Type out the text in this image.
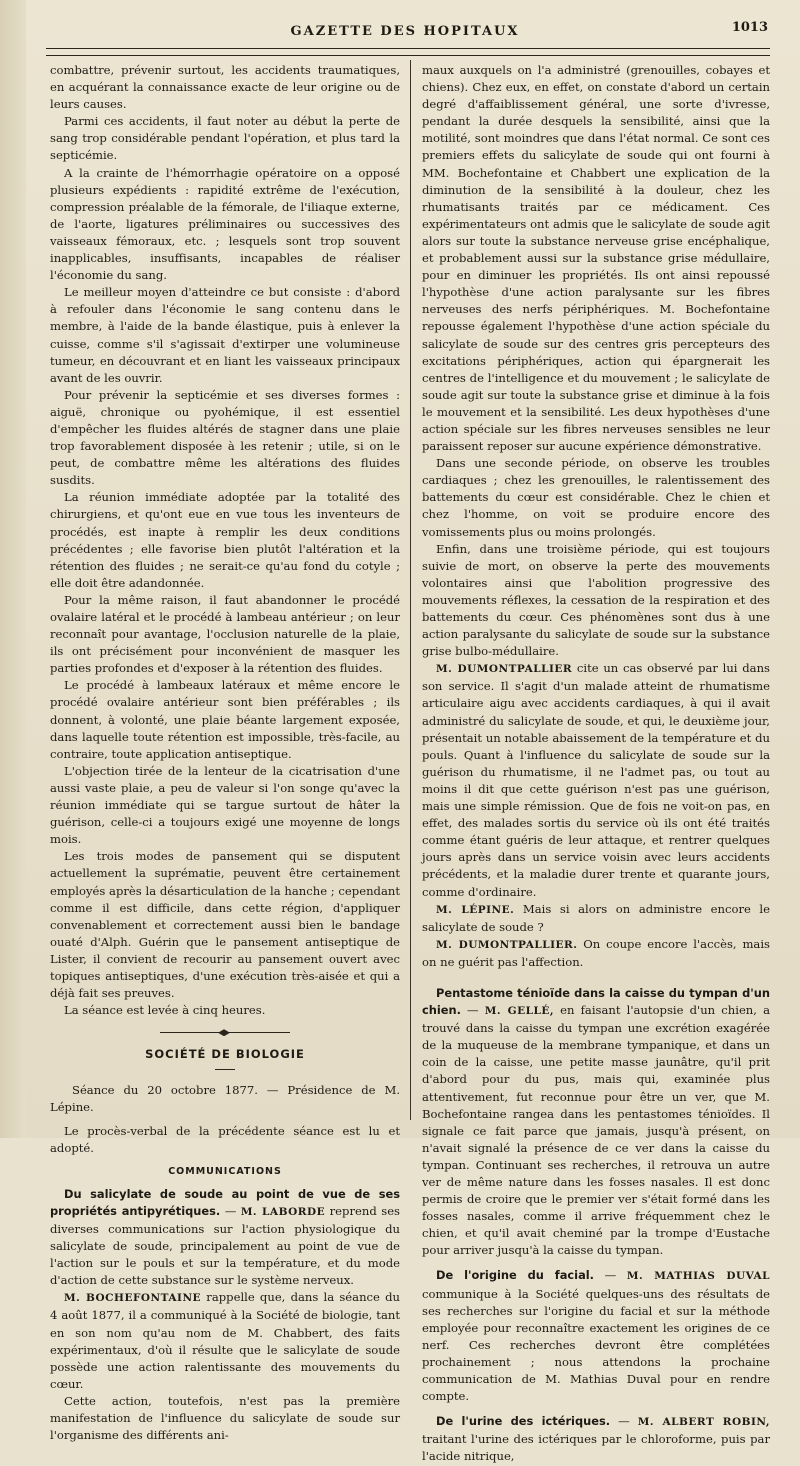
GAZETTE DES HOPITAUX	1013

combattre, prévenir surtout, les accidents traumatiques, en acquérant la connaissance exacte de leur origine ou de leurs causes.

Parmi ces accidents, il faut noter au début la perte de sang trop considérable pendant l'opération, et plus tard la septicémie.

A la crainte de l'hémorrhagie opératoire on a opposé plusieurs expédients : rapidité extrême de l'exécution, compression préalable de la fémorale, de l'iliaque externe, de l'aorte, ligatures préliminaires ou successives des vaisseaux fémoraux, etc. ; lesquels sont trop souvent inapplicables, insuffisants, incapables de réaliser l'économie du sang.

Le meilleur moyen d'atteindre ce but consiste : d'abord à refouler dans l'économie le sang contenu dans le membre, à l'aide de la bande élastique, puis à enlever la cuisse, comme s'il s'agissait d'extirper une volumineuse tumeur, en découvrant et en liant les vaisseaux principaux avant de les ouvrir.

Pour prévenir la septicémie et ses diverses formes : aiguë, chronique ou pyohémique, il est essentiel d'empêcher les fluides altérés de stagner dans une plaie trop favorablement disposée à les retenir ; utile, si on le peut, de combattre même les altérations des fluides susdits.

La réunion immédiate adoptée par la totalité des chirurgiens, et qu'ont eue en vue tous les inventeurs de procédés, est inapte à remplir les deux conditions précédentes ; elle favorise bien plutôt l'altération et la rétention des fluides ; ne serait-ce qu'au fond du cotyle ; elle doit être adandonnée.

Pour la même raison, il faut abandonner le procédé ovalaire latéral et le procédé à lambeau antérieur ; on leur reconnaît pour avantage, l'occlusion naturelle de la plaie, ils ont précisément pour inconvénient de masquer les parties profondes et d'exposer à la rétention des fluides.

Le procédé à lambeaux latéraux et même encore le procédé ovalaire antérieur sont bien préférables ; ils donnent, à volonté, une plaie béante largement exposée, dans laquelle toute rétention est impossible, très-facile, au contraire, toute application antiseptique.

L'objection tirée de la lenteur de la cicatrisation d'une aussi vaste plaie, a peu de valeur si l'on songe qu'avec la réunion immédiate qui se targue surtout de hâter la guérison, celle-ci a toujours exigé une moyenne de longs mois.

Les trois modes de pansement qui se disputent actuellement la suprématie, peuvent être certainement employés après la désarticulation de la hanche ; cependant comme il est difficile, dans cette région, d'appliquer convenablement et correctement aussi bien le bandage ouaté d'Alph. Guérin que le pansement antiseptique de Lister, il convient de recourir au pansement ouvert avec topiques antiseptiques, d'une exécution très-aisée et qui a déjà fait ses preuves.

La séance est levée à cinq heures.

SOCIÉTÉ DE BIOLOGIE

Séance du 20 octobre 1877. — Présidence de M. Lépine.

Le procès-verbal de la précédente séance est lu et adopté.

COMMUNICATIONS

Du salicylate de soude au point de vue de ses propriétés antipyrétiques. — M. LABORDE reprend ses diverses communications sur l'action physiologique du salicylate de soude, principalement au point de vue de l'action sur le pouls et sur la température, et du mode d'action de cette substance sur le système nerveux.

M. BOCHEFONTAINE rappelle que, dans la séance du 4 août 1877, il a communiqué à la Société de biologie, tant en son nom qu'au nom de M. Chabbert, des faits expérimentaux, d'où il résulte que le salicylate de soude possède une action ralentissante des mouvements du cœur.

Cette action, toutefois, n'est pas la première manifestation de l'influence du salicylate de soude sur l'organisme des différents ani-

maux auxquels on l'a administré (grenouilles, cobayes et chiens). Chez eux, en effet, on constate d'abord un certain degré d'affaiblissement général, une sorte d'ivresse, pendant la durée desquels la sensibilité, ainsi que la motilité, sont moindres que dans l'état normal. Ce sont ces premiers effets du salicylate de soude qui ont fourni à MM. Bochefontaine et Chabbert une explication de la diminution de la sensibilité à la douleur, chez les rhumatisants traités par ce médicament. Ces expérimentateurs ont admis que le salicylate de soude agit alors sur toute la substance nerveuse grise encéphalique, et probablement aussi sur la substance grise médullaire, pour en diminuer les propriétés. Ils ont ainsi repoussé l'hypothèse d'une action paralysante sur les fibres nerveuses des nerfs périphériques. M. Bochefontaine repousse également l'hypothèse d'une action spéciale du salicylate de soude sur des centres gris percepteurs des excitations périphériques, action qui épargnerait les centres de l'intelligence et du mouvement ; le salicylate de soude agit sur toute la substance grise et diminue à la fois le mouvement et la sensibilité. Les deux hypothèses d'une action spéciale sur les fibres nerveuses sensibles ne leur paraissent reposer sur aucune expérience démonstrative.

Dans une seconde période, on observe les troubles cardiaques ; chez les grenouilles, le ralentissement des battements du cœur est considérable. Chez le chien et chez l'homme, on voit se produire encore des vomissements plus ou moins prolongés.

Enfin, dans une troisième période, qui est toujours suivie de mort, on observe la perte des mouvements volontaires ainsi que l'abolition progressive des mouvements réflexes, la cessation de la respiration et des battements du cœur. Ces phénomènes sont dus à une action paralysante du salicylate de soude sur la substance grise bulbo-médullaire.

M. DUMONTPALLIER cite un cas observé par lui dans son service. Il s'agit d'un malade atteint de rhumatisme articulaire aigu avec accidents cardiaques, à qui il avait administré du salicylate de soude, et qui, le deuxième jour, présentait un notable abaissement de la température et du pouls. Quant à l'influence du salicylate de soude sur la guérison du rhumatisme, il ne l'admet pas, ou tout au moins il dit que cette guérison n'est pas une guérison, mais une simple rémission. Que de fois ne voit-on pas, en effet, des malades sortis du service où ils ont été traités comme étant guéris de leur attaque, et rentrer quelques jours après dans un service voisin avec leurs accidents précédents, et la maladie durer trente et quarante jours, comme d'ordinaire.

M. LÉPINE. Mais si alors on administre encore le salicylate de soude ?

M. DUMONTPALLIER. On coupe encore l'accès, mais on ne guérit pas l'affection.

Pentastome ténioïde dans la caisse du tympan d'un chien. — M. GELLÉ, en faisant l'autopsie d'un chien, a trouvé dans la caisse du tympan une excrétion exagérée de la muqueuse de la membrane tympanique, et dans un coin de la caisse, une petite masse jaunâtre, qu'il prit d'abord pour du pus, mais qui, examinée plus attentivement, fut reconnue pour être un ver, que M. Bochefontaine rangea dans les pentastomes ténioïdes. Il signale ce fait parce que jamais, jusqu'à présent, on n'avait signalé la présence de ce ver dans la caisse du tympan. Continuant ses recherches, il retrouva un autre ver de même nature dans les fosses nasales. Il est donc permis de croire que le premier ver s'était formé dans les fosses nasales, comme il arrive fréquemment chez le chien, et qu'il avait cheminé par la trompe d'Eustache pour arriver jusqu'à la caisse du tympan.

De l'origine du facial. — M. MATHIAS DUVAL communique à la Société quelques-uns des résultats de ses recherches sur l'origine du facial et sur la méthode employée pour reconnaître exactement les origines de ce nerf. Ces recherches devront être complétées prochainement ; nous attendons la prochaine communication de M. Mathias Duval pour en rendre compte.

De l'urine des ictériques. — M. ALBERT ROBIN, traitant l'urine des ictériques par le chloroforme, puis par l'acide nitrique,
